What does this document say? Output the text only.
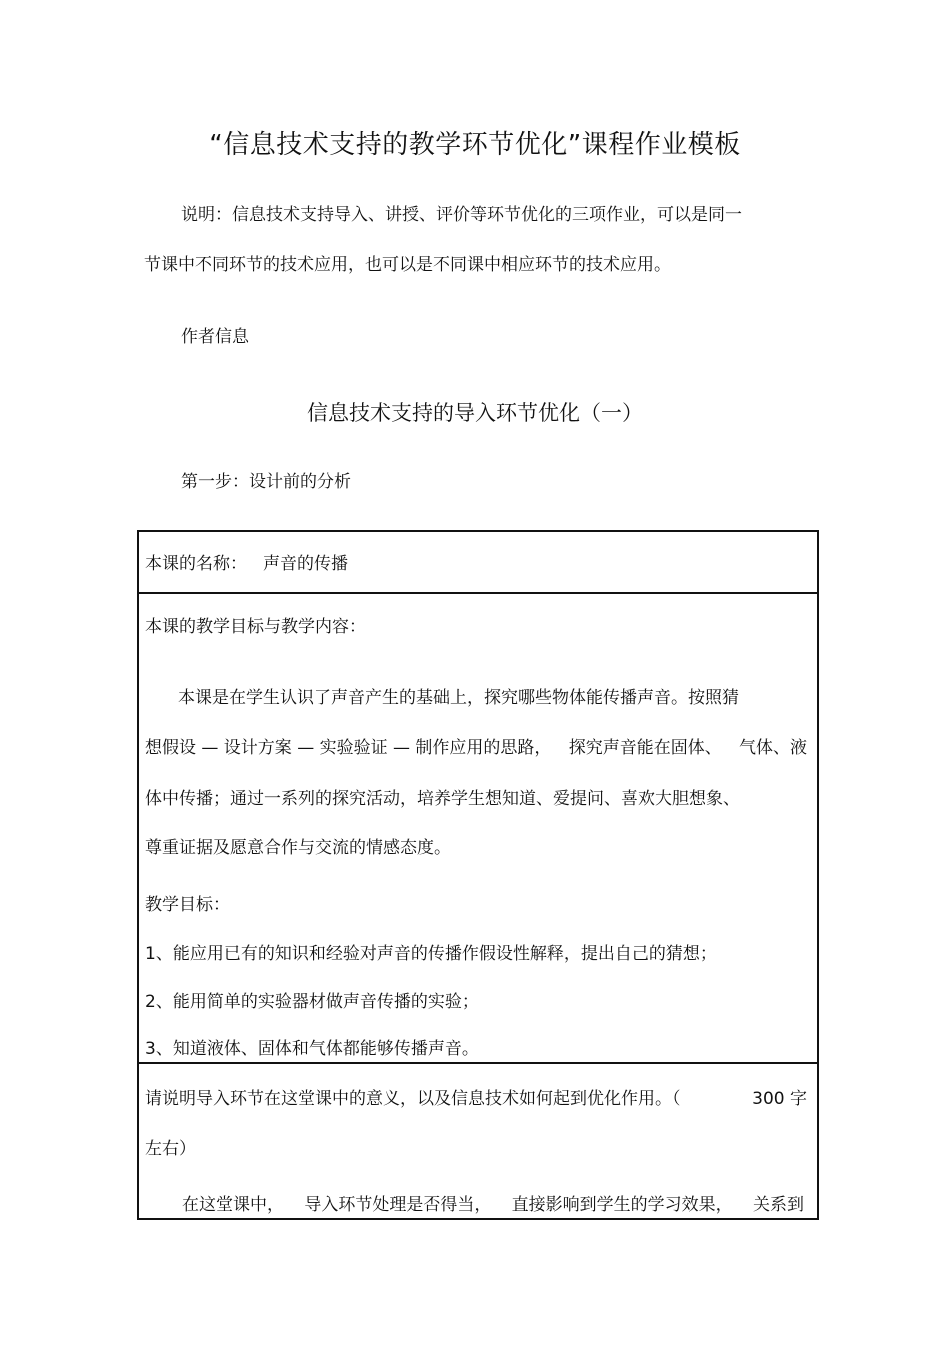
“信息技术支持的教学环节优化”课程作业模板
说明：信息技术支持导入、讲授、评价等环节优化的三项作业，可以是同一
节课中不同环节的技术应用，也可以是不同课中相应环节的技术应用。
作者信息
信息技术支持的导入环节优化（一）
第一步：设计前的分析
本课的名称： 声音的传播
本课的教学目标与教学内容：
本课是在学生认识了声音产生的基础上，探究哪些物体能传播声音。按照猜
想假设 — 设计方案 — 实验验证 — 制作应用的思路， 探究声音能在固体、 气体、液
体中传播；通过一系列的探究活动，培养学生想知道、爱提问、喜欢大胆想象、
尊重证据及愿意合作与交流的情感态度。
教学目标：
1、能应用已有的知识和经验对声音的传播作假设性解释，提出自己的猜想；
2、能用简单的实验器材做声音传播的实验；
3、知道液体、固体和气体都能够传播声音。
请说明导入环节在这堂课中的意义，以及信息技术如何起到优化作用。（	300 字
左右）
在这堂课中， 导入环节处理是否得当， 直接影响到学生的学习效果， 关系到
